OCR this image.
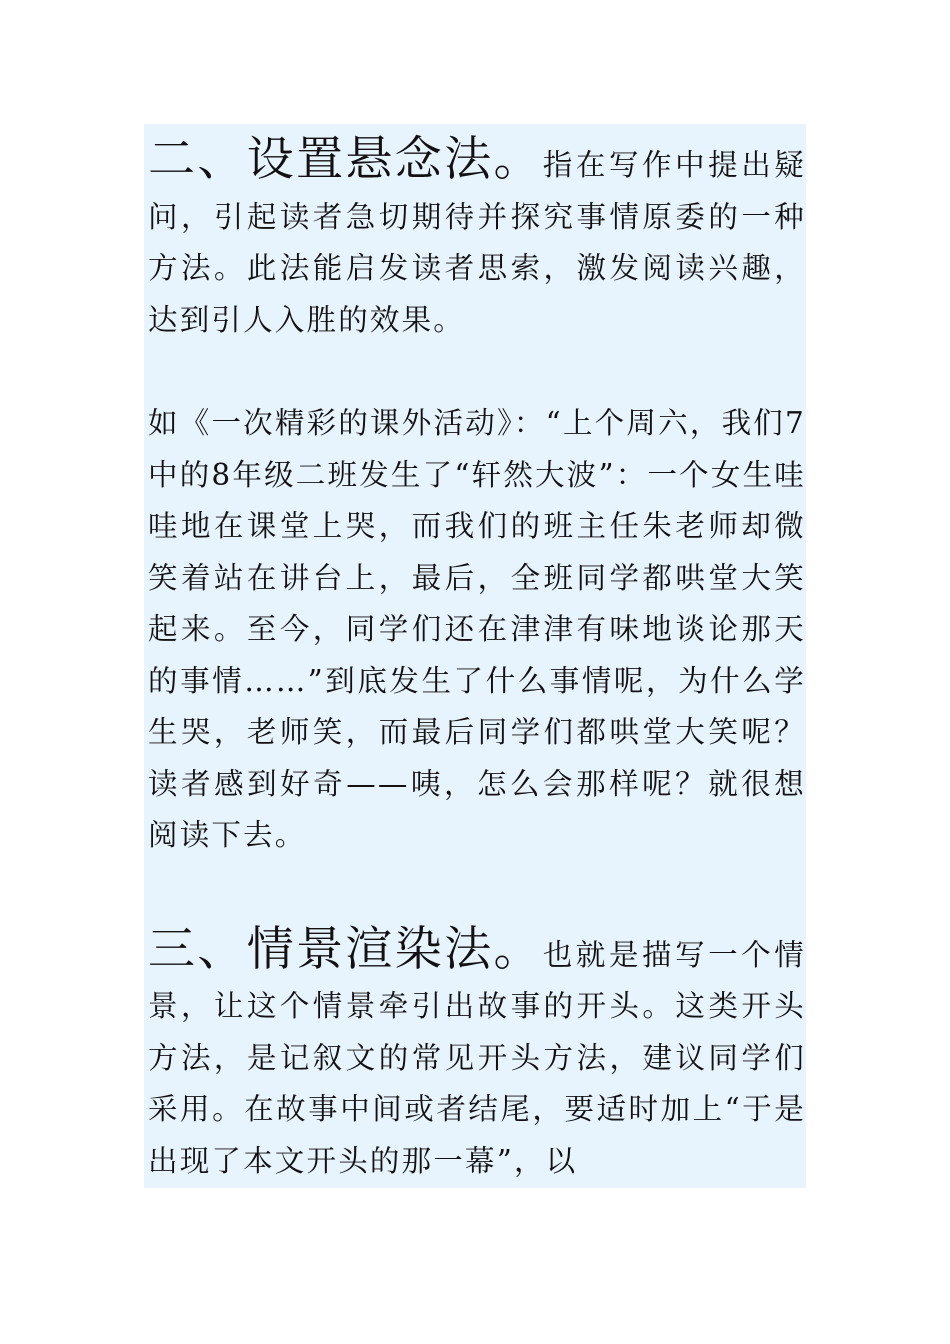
二、设置悬念法。指在写作中提出疑问，引起读者急切期待并探究事情原委的一种方法。此法能启发读者思索，激发阅读兴趣，达到引人入胜的效果。

如《一次精彩的课外活动》：“上个周六，我们7中的8年级二班发生了“轩然大波”：一个女生哇哇地在课堂上哭，而我们的班主任朱老师却微笑着站在讲台上，最后，全班同学都哄堂大笑起来。至今，同学们还在津津有味地谈论那天的事情……”到底发生了什么事情呢，为什么学生哭，老师笑，而最后同学们都哄堂大笑呢？读者感到好奇——咦，怎么会那样呢？就很想阅读下去。

三、情景渲染法。也就是描写一个情景，让这个情景牵引出故事的开头。这类开头方法，是记叙文的常见开头方法，建议同学们采用。在故事中间或者结尾，要适时加上“于是出现了本文开头的那一幕”，以
